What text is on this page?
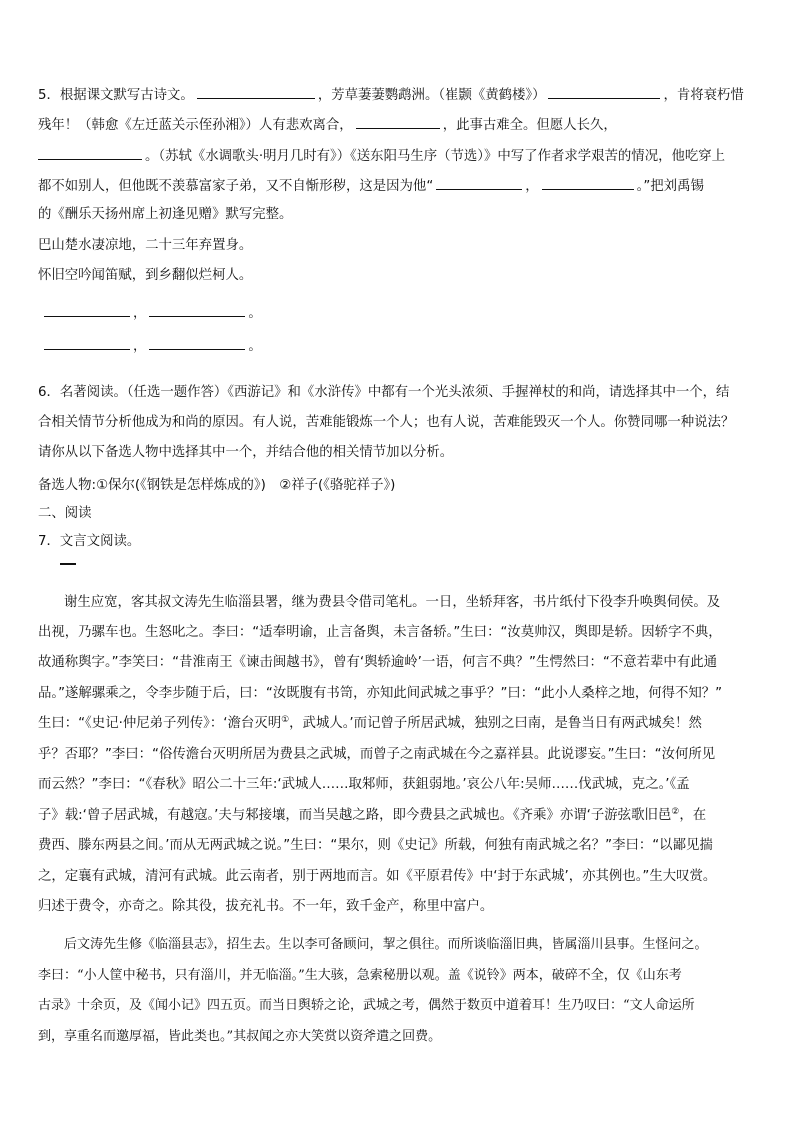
5．根据课文默写古诗文。	，芳草萋萋鹦鹉洲。（崔颢《黄鹤楼》）	，肯将衰朽惜
残年！（韩愈《左迁蓝关示侄孙湘》）人有悲欢离合，	，此事古难全。但愿人长久，
。（苏轼《水调歌头·明月几时有》）《送东阳马生序（节选）》中写了作者求学艰苦的情况，他吃穿上
都不如别人，但他既不羡慕富家子弟，又不自惭形秽，这是因为他“	，	。”把刘禹锡
的《酬乐天扬州席上初逢见赠》默写完整。
巴山楚水凄凉地，二十三年弃置身。
怀旧空吟闻笛赋，到乡翻似烂柯人。
，	。
，	。
6．名著阅读。（任选一题作答）《西游记》和《水浒传》中都有一个光头浓须、手握禅杖的和尚，请选择其中一个，结
合相关情节分析他成为和尚的原因。有人说，苦难能锻炼一个人；也有人说，苦难能毁灭一个人。你赞同哪一种说法？
请你从以下备选人物中选择其中一个，并结合他的相关情节加以分析。
备选人物:①保尔(《钢铁是怎样炼成的》)　②祥子(《骆驼祥子》)
二、阅读
7．文言文阅读。
谢生应宽，客其叔文涛先生临淄县署，继为费县令借司笔札。一日，坐轿拜客，书片纸付下役李升唤舆伺侯。及
出视，乃骡车也。生怒叱之。李曰：“适奉明谕，止言备舆，未言备轿。”生曰：“汝莫帅汉，舆即是轿。因轿字不典，
故通称舆字。”李笑曰：“昔淮南王《谏击闽越书》，曾有‘舆轿逾岭’一语，何言不典？”生愕然曰：“不意若辈中有此通
品。”遂解骡乘之，令李步随于后，曰：“汝既腹有书笥，亦知此间武城之事乎？”曰：“此小人桑梓之地，何得不知？”
生曰：“《史记·仲尼弟子列传》：‘澹台灭明①，武城人。’而记曾子所居武城，独别之曰南，是鲁当日有两武城矣！然
乎？否耶？”李曰：“俗传澹台灭明所居为费县之武城，而曾子之南武城在今之嘉祥县。此说谬妄。”生曰：“汝何所见
而云然？”李曰：“《春秋》昭公二十三年:‘武城人……取邾师，获鉏弱地。’哀公八年:吴师……伐武城，克之。’《孟
子》载:‘曾子居武城，有越寇。’夫与邾接壤，而当吴越之路，即今费县之武城也。《齐乘》亦谓‘子游弦歌旧邑②，在
费西、滕东两县之间。’而从无两武城之说。”生曰：“果尔，则《史记》所载，何独有南武城之名？”李曰：“以鄙见揣
之，定襄有武城，清河有武城。此云南者，别于两地而言。如《平原君传》中‘封于东武城’，亦其例也。”生大叹赏。
归述于费令，亦奇之。除其役，拔充礼书。不一年，致千金产，称里中富户。
后文涛先生修《临淄县志》，招生去。生以李可备顾问，挈之俱往。而所谈临淄旧典，皆属淄川县事。生怪问之。
李曰：“小人筐中秘书，只有淄川，并无临淄。”生大骇，急索秘册以观。盖《说铃》两本，破碎不全，仅《山东考
古录》十余页，及《闻小记》四五页。而当日舆轿之论，武城之考，偶然于数页中道着耳！生乃叹曰：“文人命运所
到，享重名而邀厚福，皆此类也。”其叔闻之亦大笑赏以资斧遣之回费。
